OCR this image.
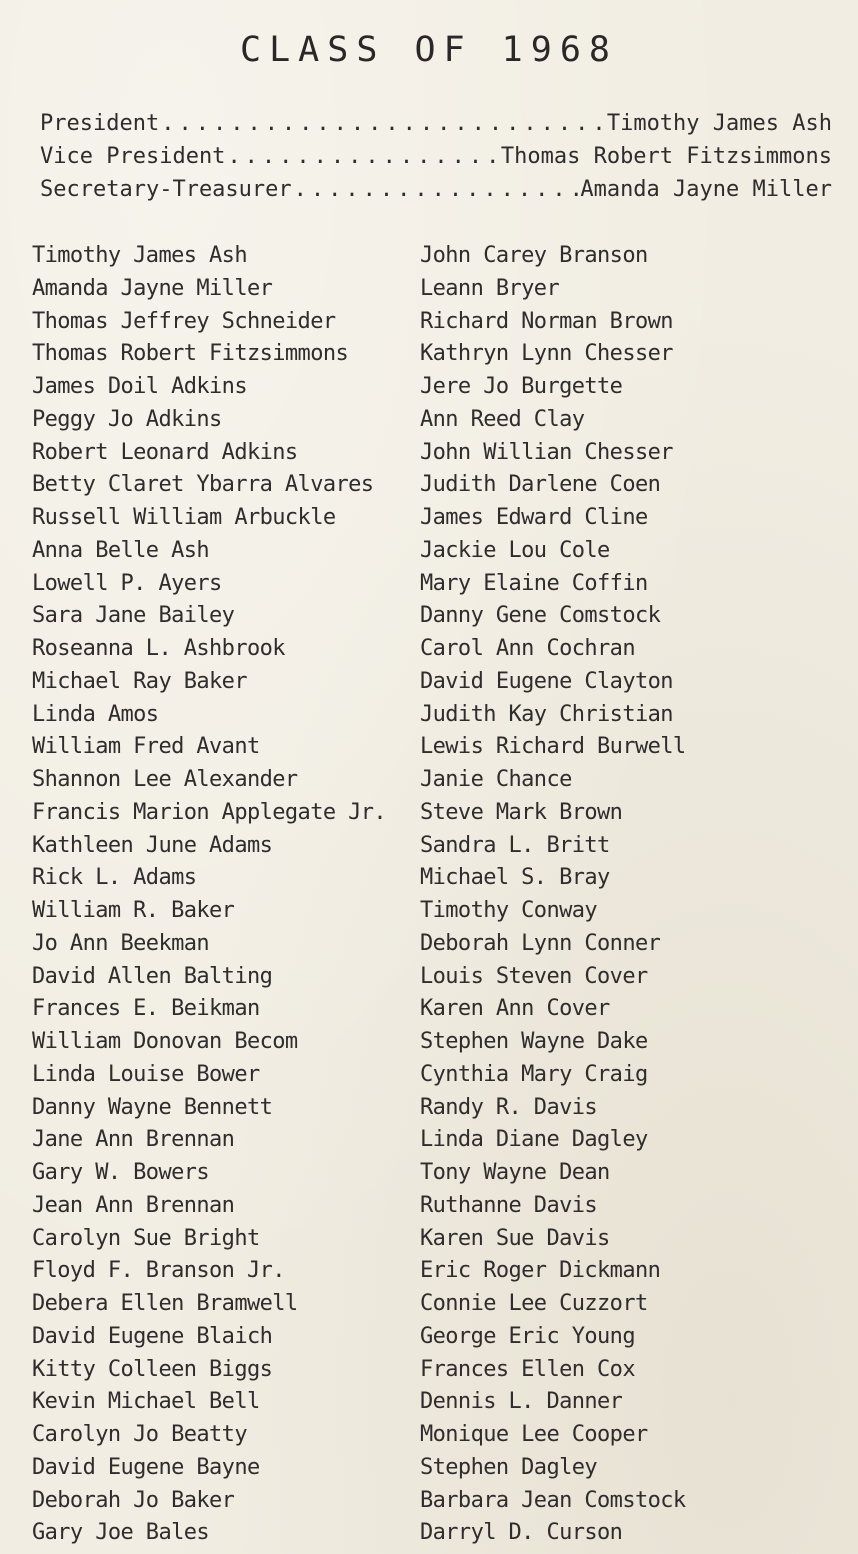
CLASS OF 1968
President .....	Timothy James Ash
Vice President .....	Thomas Robert Fitzsimmons
Secretary-Treasurer .....	Amanda Jayne Miller
Timothy James Ash
Amanda Jayne Miller
Thomas Jeffrey Schneider
Thomas Robert Fitzsimmons
James Doil Adkins
Peggy Jo Adkins
Robert Leonard Adkins
Betty Claret Ybarra Alvares
Russell William Arbuckle
Anna Belle Ash
Lowell P. Ayers
Sara Jane Bailey
Roseanna L. Ashbrook
Michael Ray Baker
Linda Amos
William Fred Avant
Shannon Lee Alexander
Francis Marion Applegate Jr.
Kathleen June Adams
Rick L. Adams
William R. Baker
Jo Ann Beekman
David Allen Balting
Frances E. Beikman
William Donovan Becom
Linda Louise Bower
Danny Wayne Bennett
Jane Ann Brennan
Gary W. Bowers
Jean Ann Brennan
Carolyn Sue Bright
Floyd F. Branson Jr.
Debera Ellen Bramwell
David Eugene Blaich
Kitty Colleen Biggs
Kevin Michael Bell
Carolyn Jo Beatty
David Eugene Bayne
Deborah Jo Baker
Gary Joe Bales
John Carey Branson
Leann Bryer
Richard Norman Brown
Kathryn Lynn Chesser
Jere Jo Burgette
Ann Reed Clay
John Willian Chesser
Judith Darlene Coen
James Edward Cline
Jackie Lou Cole
Mary Elaine Coffin
Danny Gene Comstock
Carol Ann Cochran
David Eugene Clayton
Judith Kay Christian
Lewis Richard Burwell
Janie Chance
Steve Mark Brown
Sandra L. Britt
Michael S. Bray
Timothy Conway
Deborah Lynn Conner
Louis Steven Cover
Karen Ann Cover
Stephen Wayne Dake
Cynthia Mary Craig
Randy R. Davis
Linda Diane Dagley
Tony Wayne Dean
Ruthanne Davis
Karen Sue Davis
Eric Roger Dickmann
Connie Lee Cuzzort
George Eric Young
Frances Ellen Cox
Dennis L. Danner
Monique Lee Cooper
Stephen Dagley
Barbara Jean Comstock
Darryl D. Curson
